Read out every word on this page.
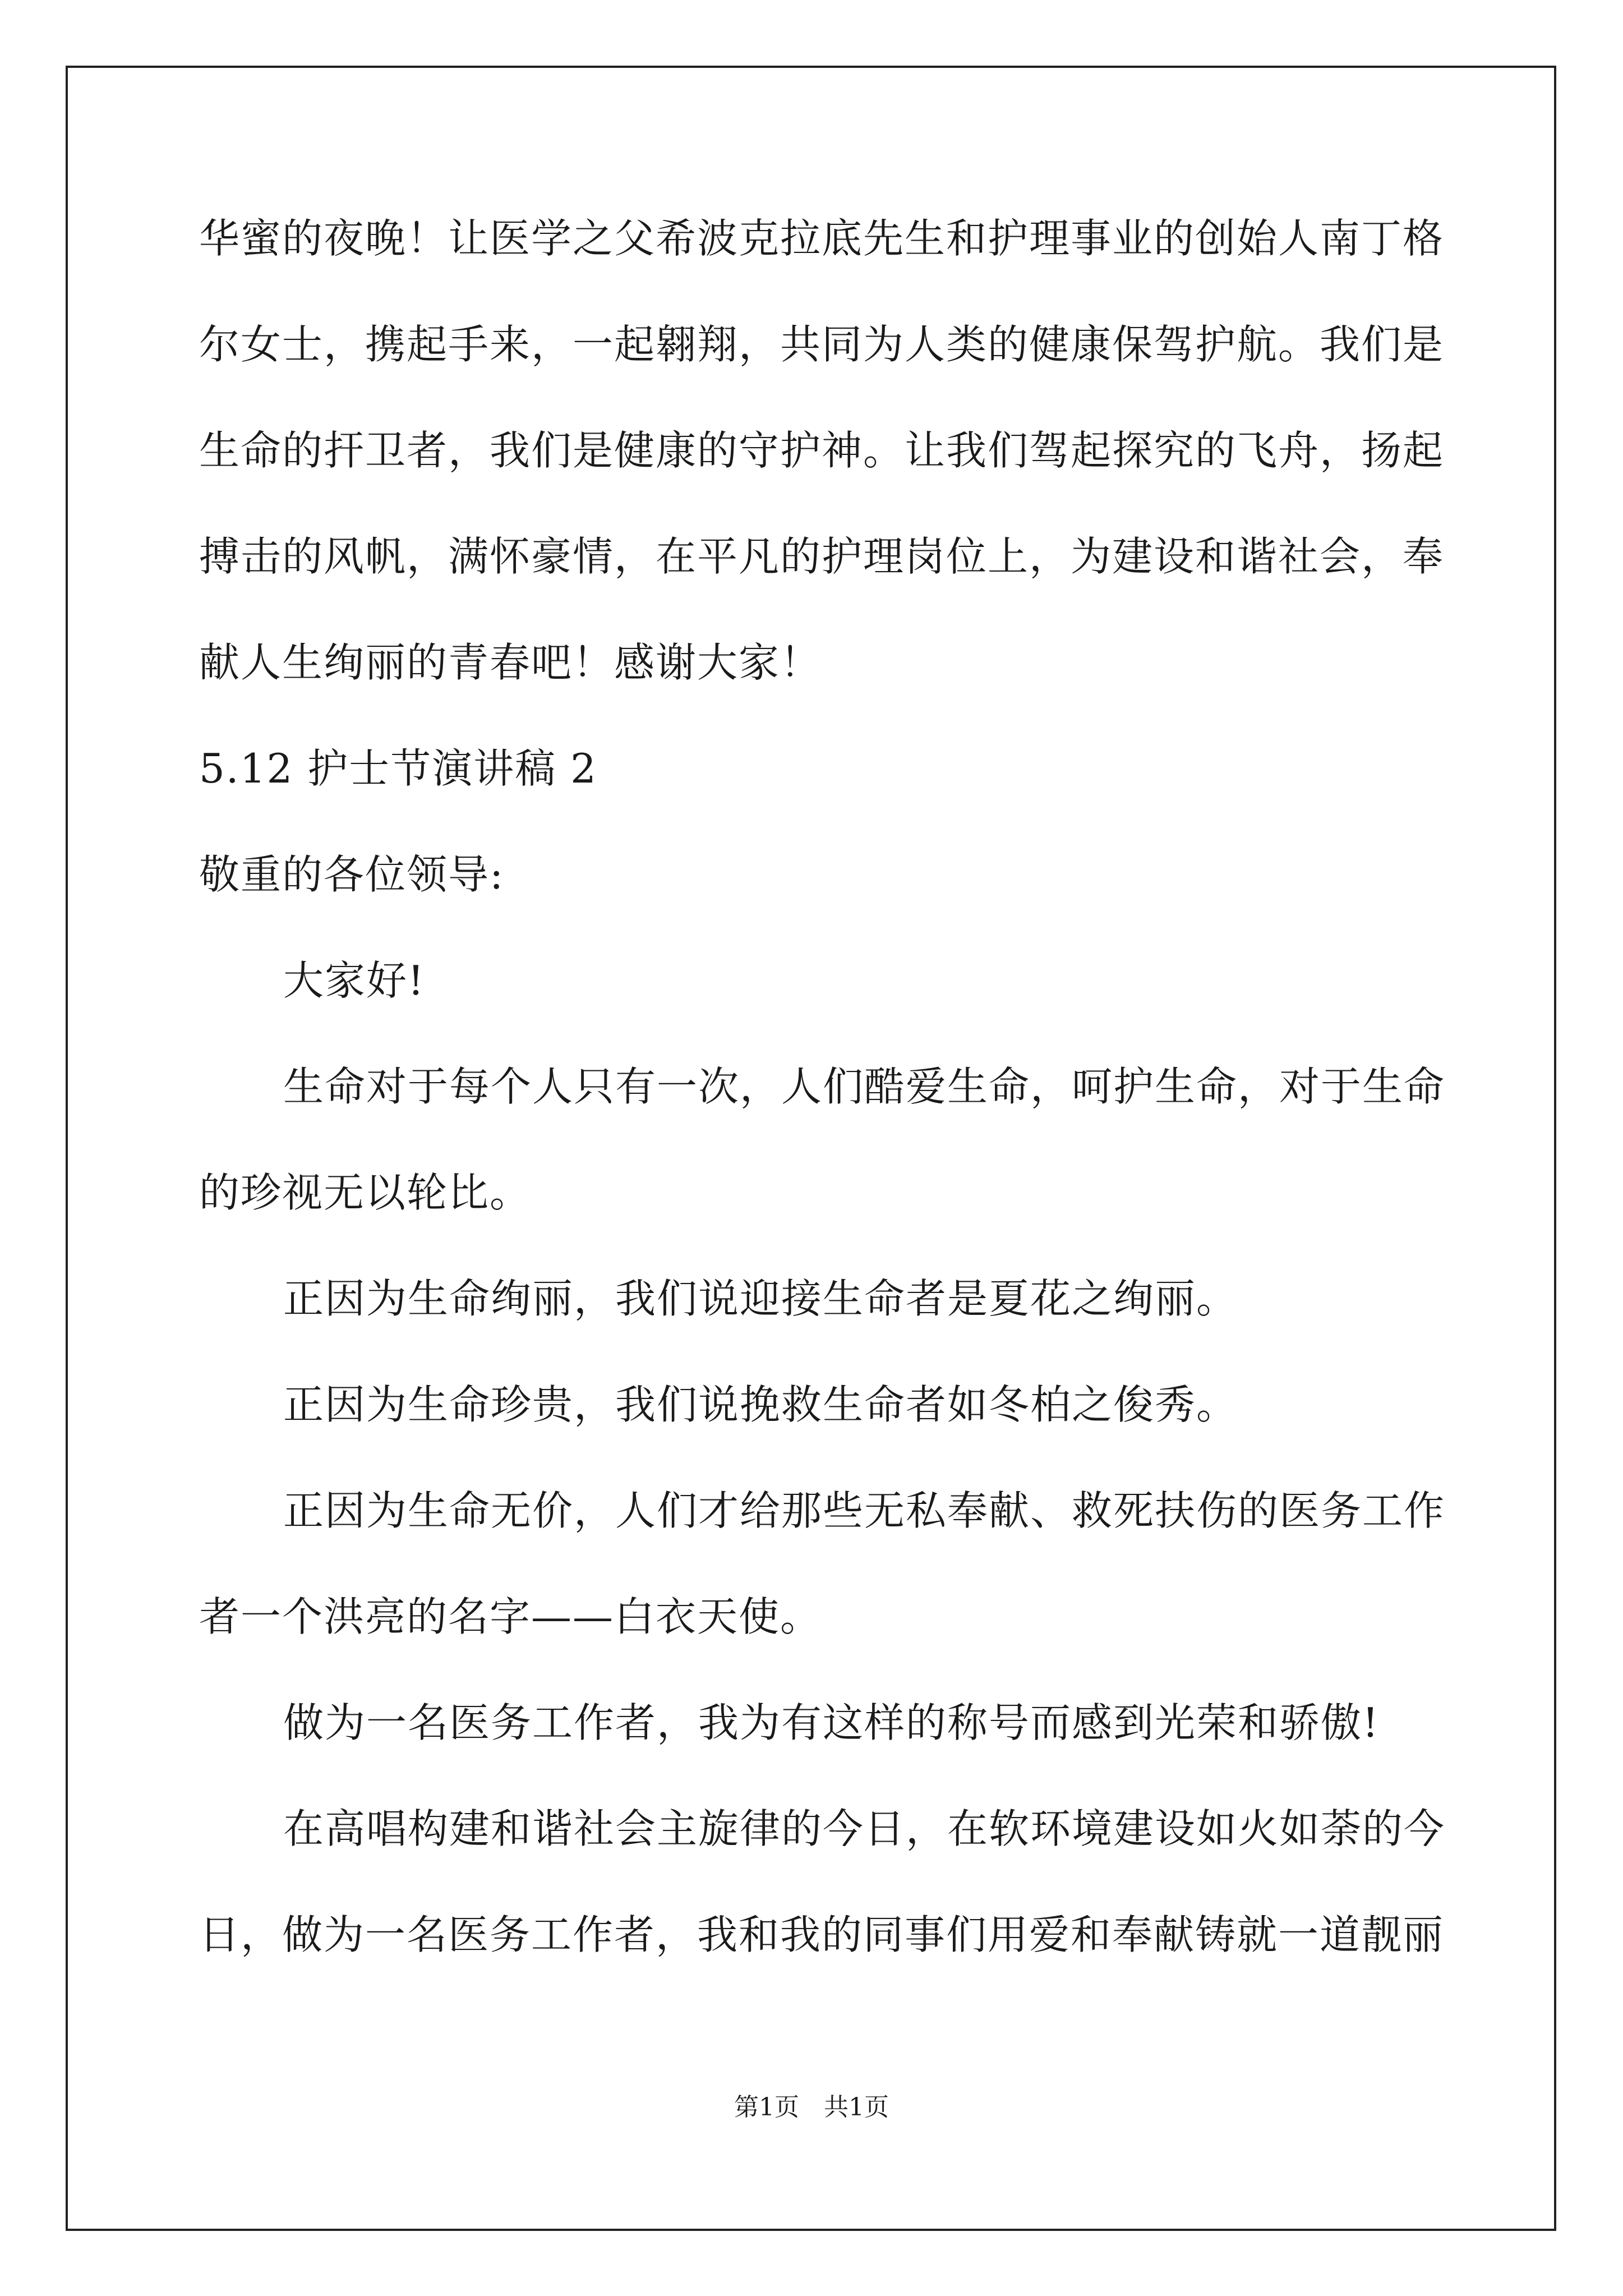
华蜜的夜晚！让医学之父希波克拉底先生和护理事业的创始人南丁格
尔女士，携起手来，一起翱翔，共同为人类的健康保驾护航。我们是
生命的扞卫者，我们是健康的守护神。让我们驾起探究的飞舟，扬起
搏击的风帆，满怀豪情，在平凡的护理岗位上，为建设和谐社会，奉
献人生绚丽的青春吧！感谢大家！
5.12 护士节演讲稿 2
敬重的各位领导:
大家好!
生命对于每个人只有一次，人们酷爱生命，呵护生命，对于生命
的珍视无以轮比。
正因为生命绚丽，我们说迎接生命者是夏花之绚丽。
正因为生命珍贵，我们说挽救生命者如冬柏之俊秀。
正因为生命无价，人们才给那些无私奉献、救死扶伤的医务工作
者一个洪亮的名字——白衣天使。
做为一名医务工作者，我为有这样的称号而感到光荣和骄傲!
在高唱构建和谐社会主旋律的今日，在软环境建设如火如荼的今
日，做为一名医务工作者，我和我的同事们用爱和奉献铸就一道靓丽
第1页　共1页
